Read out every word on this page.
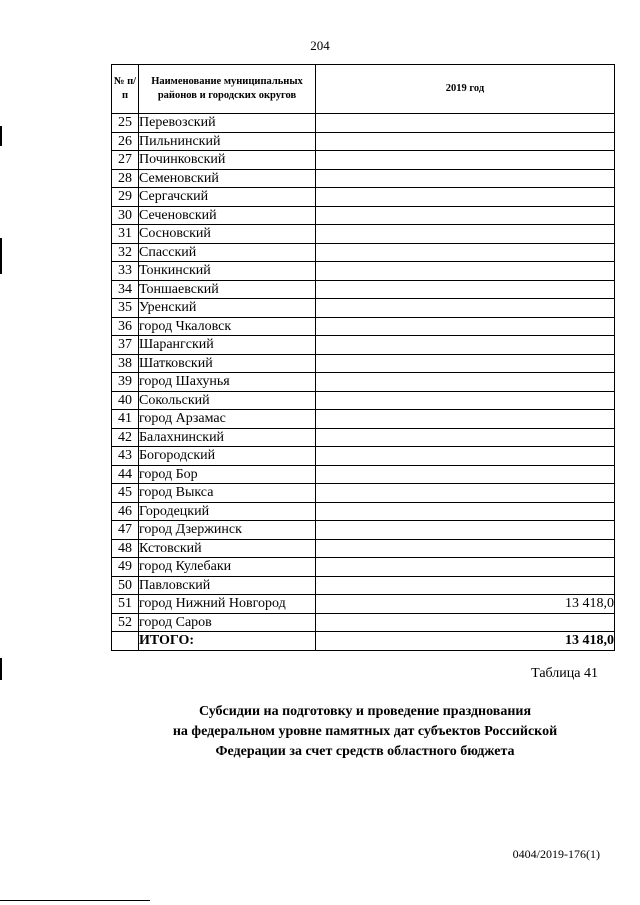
204
№ п/п	Наименование муниципальных районов и городских округов	2019 год
25	Перевозский	
26	Пильнинский	
27	Починковский	
28	Семеновский	
29	Сергачский	
30	Сеченовский	
31	Сосновский	
32	Спасский	
33	Тонкинский	
34	Тоншаевский	
35	Уренский	
36	город Чкаловск	
37	Шарангский	
38	Шатковский	
39	город Шахунья	
40	Сокольский	
41	город Арзамас	
42	Балахнинский	
43	Богородский	
44	город Бор	
45	город Выкса	
46	Городецкий	
47	город Дзержинск	
48	Кстовский	
49	город Кулебаки	
50	Павловский	
51	город Нижний Новгород	13 418,0
52	город Саров	
	ИТОГО:	13 418,0
Таблица 41
Субсидии на подготовку и проведение празднования
на федеральном уровне памятных дат субъектов Российской
Федерации за счет средств областного бюджета
0404/2019-176(1)
